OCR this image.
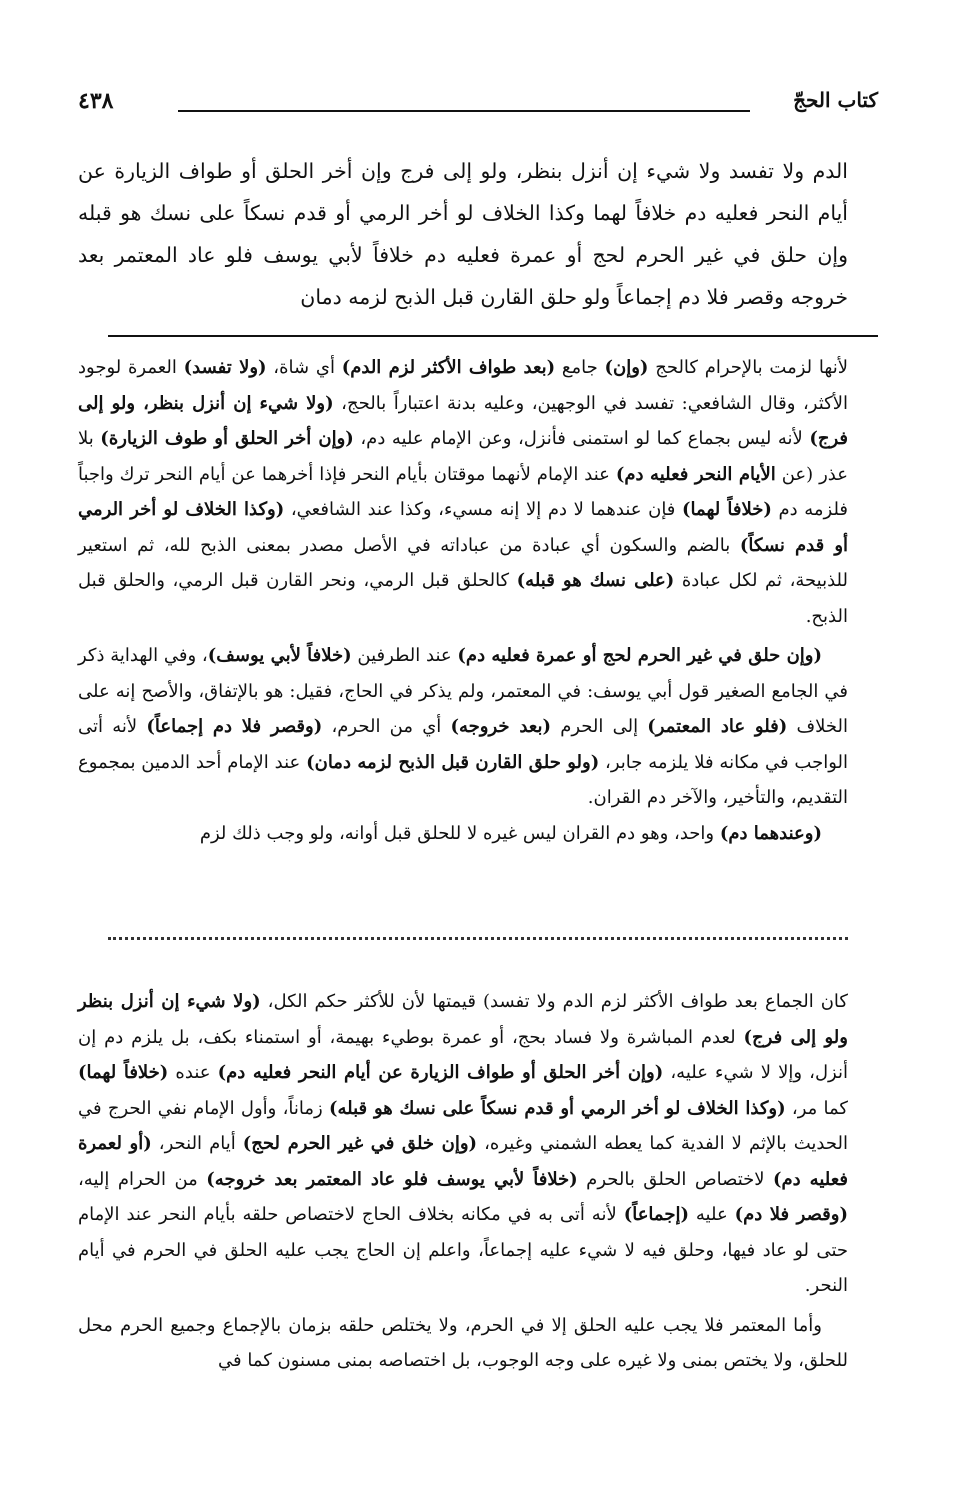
كتاب الحجّ
٤٣٨
الدم ولا تفسد ولا شيء إن أنزل بنظر، ولو إلى فرج وإن أخر الحلق أو طواف الزيارة عن أيام النحر فعليه دم خلافاً لهما وكذا الخلاف لو أخر الرمي أو قدم نسكاً على نسك هو قبله وإن حلق في غير الحرم لحج أو عمرة فعليه دم خلافاً لأبي يوسف فلو عاد المعتمر بعد خروجه وقصر فلا دم إجماعاً ولو حلق القارن قبل الذبح لزمه دمان

لأنها لزمت بالإحرام كالحج (وإن) جامع (بعد طواف الأكثر لزم الدم) أي شاة، (ولا تفسد) العمرة لوجود الأكثر، وقال الشافعي: تفسد في الوجهين، وعليه بدنة اعتباراً بالحج، (ولا شيء إن أنزل بنظر، ولو إلى فرج) لأنه ليس بجماع كما لو استمنى فأنزل، وعن الإمام عليه دم، (وإن أخر الحلق أو طوف الزيارة) بلا عذر (عن الأيام النحر فعليه دم) عند الإمام لأنهما موقتان بأيام النحر فإذا أخرهما عن أيام النحر ترك واجباً فلزمه دم (خلافاً لهما) فإن عندهما لا دم إلا إنه مسيء، وكذا عند الشافعي، (وكذا الخلاف لو أخر الرمي أو قدم نسكاً) بالضم والسكون أي عبادة من عباداته في الأصل مصدر بمعنى الذبح لله، ثم استعير للذبيحة، ثم لكل عبادة (على نسك هو قبله) كالحلق قبل الرمي، ونحر القارن قبل الرمي، والحلق قبل الذبح.

(وإن حلق في غير الحرم لحج أو عمرة فعليه دم) عند الطرفين (خلافاً لأبي يوسف)، وفي الهداية ذكر في الجامع الصغير قول أبي يوسف: في المعتمر، ولم يذكر في الحاج، فقيل: هو بالإتفاق، والأصح إنه على الخلاف (فلو عاد المعتمر) إلى الحرم (بعد خروجه) أي من الحرم، (وقصر فلا دم إجماعاً) لأنه أتى الواجب في مكانه فلا يلزمه جابر، (ولو حلق القارن قبل الذبح لزمه دمان) عند الإمام أحد الدمين بمجموع التقديم، والتأخير، والآخر دم القران.

(وعندهما دم) واحد، وهو دم القران ليس غيره لا للحلق قبل أوانه، ولو وجب ذلك لزم

كان الجماع بعد طواف الأكثر لزم الدم ولا تفسد) قيمتها لأن للأكثر حكم الكل، (ولا شيء إن أنزل بنظر ولو إلى فرج) لعدم المباشرة ولا فساد بحج، أو عمرة بوطيء بهيمة، أو استمناء بكف، بل يلزم دم إن أنزل، وإلا لا شيء عليه، (وإن أخر الحلق أو طواف الزيارة عن أيام النحر فعليه دم) عنده (خلافاً لهما) كما مر، (وكذا الخلاف لو أخر الرمي أو قدم نسكاً على نسك هو قبله) زماناً، وأول الإمام نفي الحرج في الحديث بالإثم لا الفدية كما يعطه الشمني وغيره، (وإن خلق في غير الحرم لحج) أيام النحر، (أو لعمرة فعليه دم) لاختصاص الحلق بالحرم (خلافاً لأبي يوسف فلو عاد المعتمر بعد خروجه) من الحرام إليه، (وقصر فلا دم) عليه (إجماعاً) لأنه أتى به في مكانه بخلاف الحاج لاختصاص حلقه بأيام النحر عند الإمام حتى لو عاد فيها، وحلق فيه لا شيء عليه إجماعاً، واعلم إن الحاج يجب عليه الحلق في الحرم في أيام النحر.

وأما المعتمر فلا يجب عليه الحلق إلا في الحرم، ولا يختلص حلقه بزمان بالإجماع وجميع الحرم محل للحلق، ولا يختص بمنى ولا غيره على وجه الوجوب، بل اختصاصه بمنى مسنون كما في
